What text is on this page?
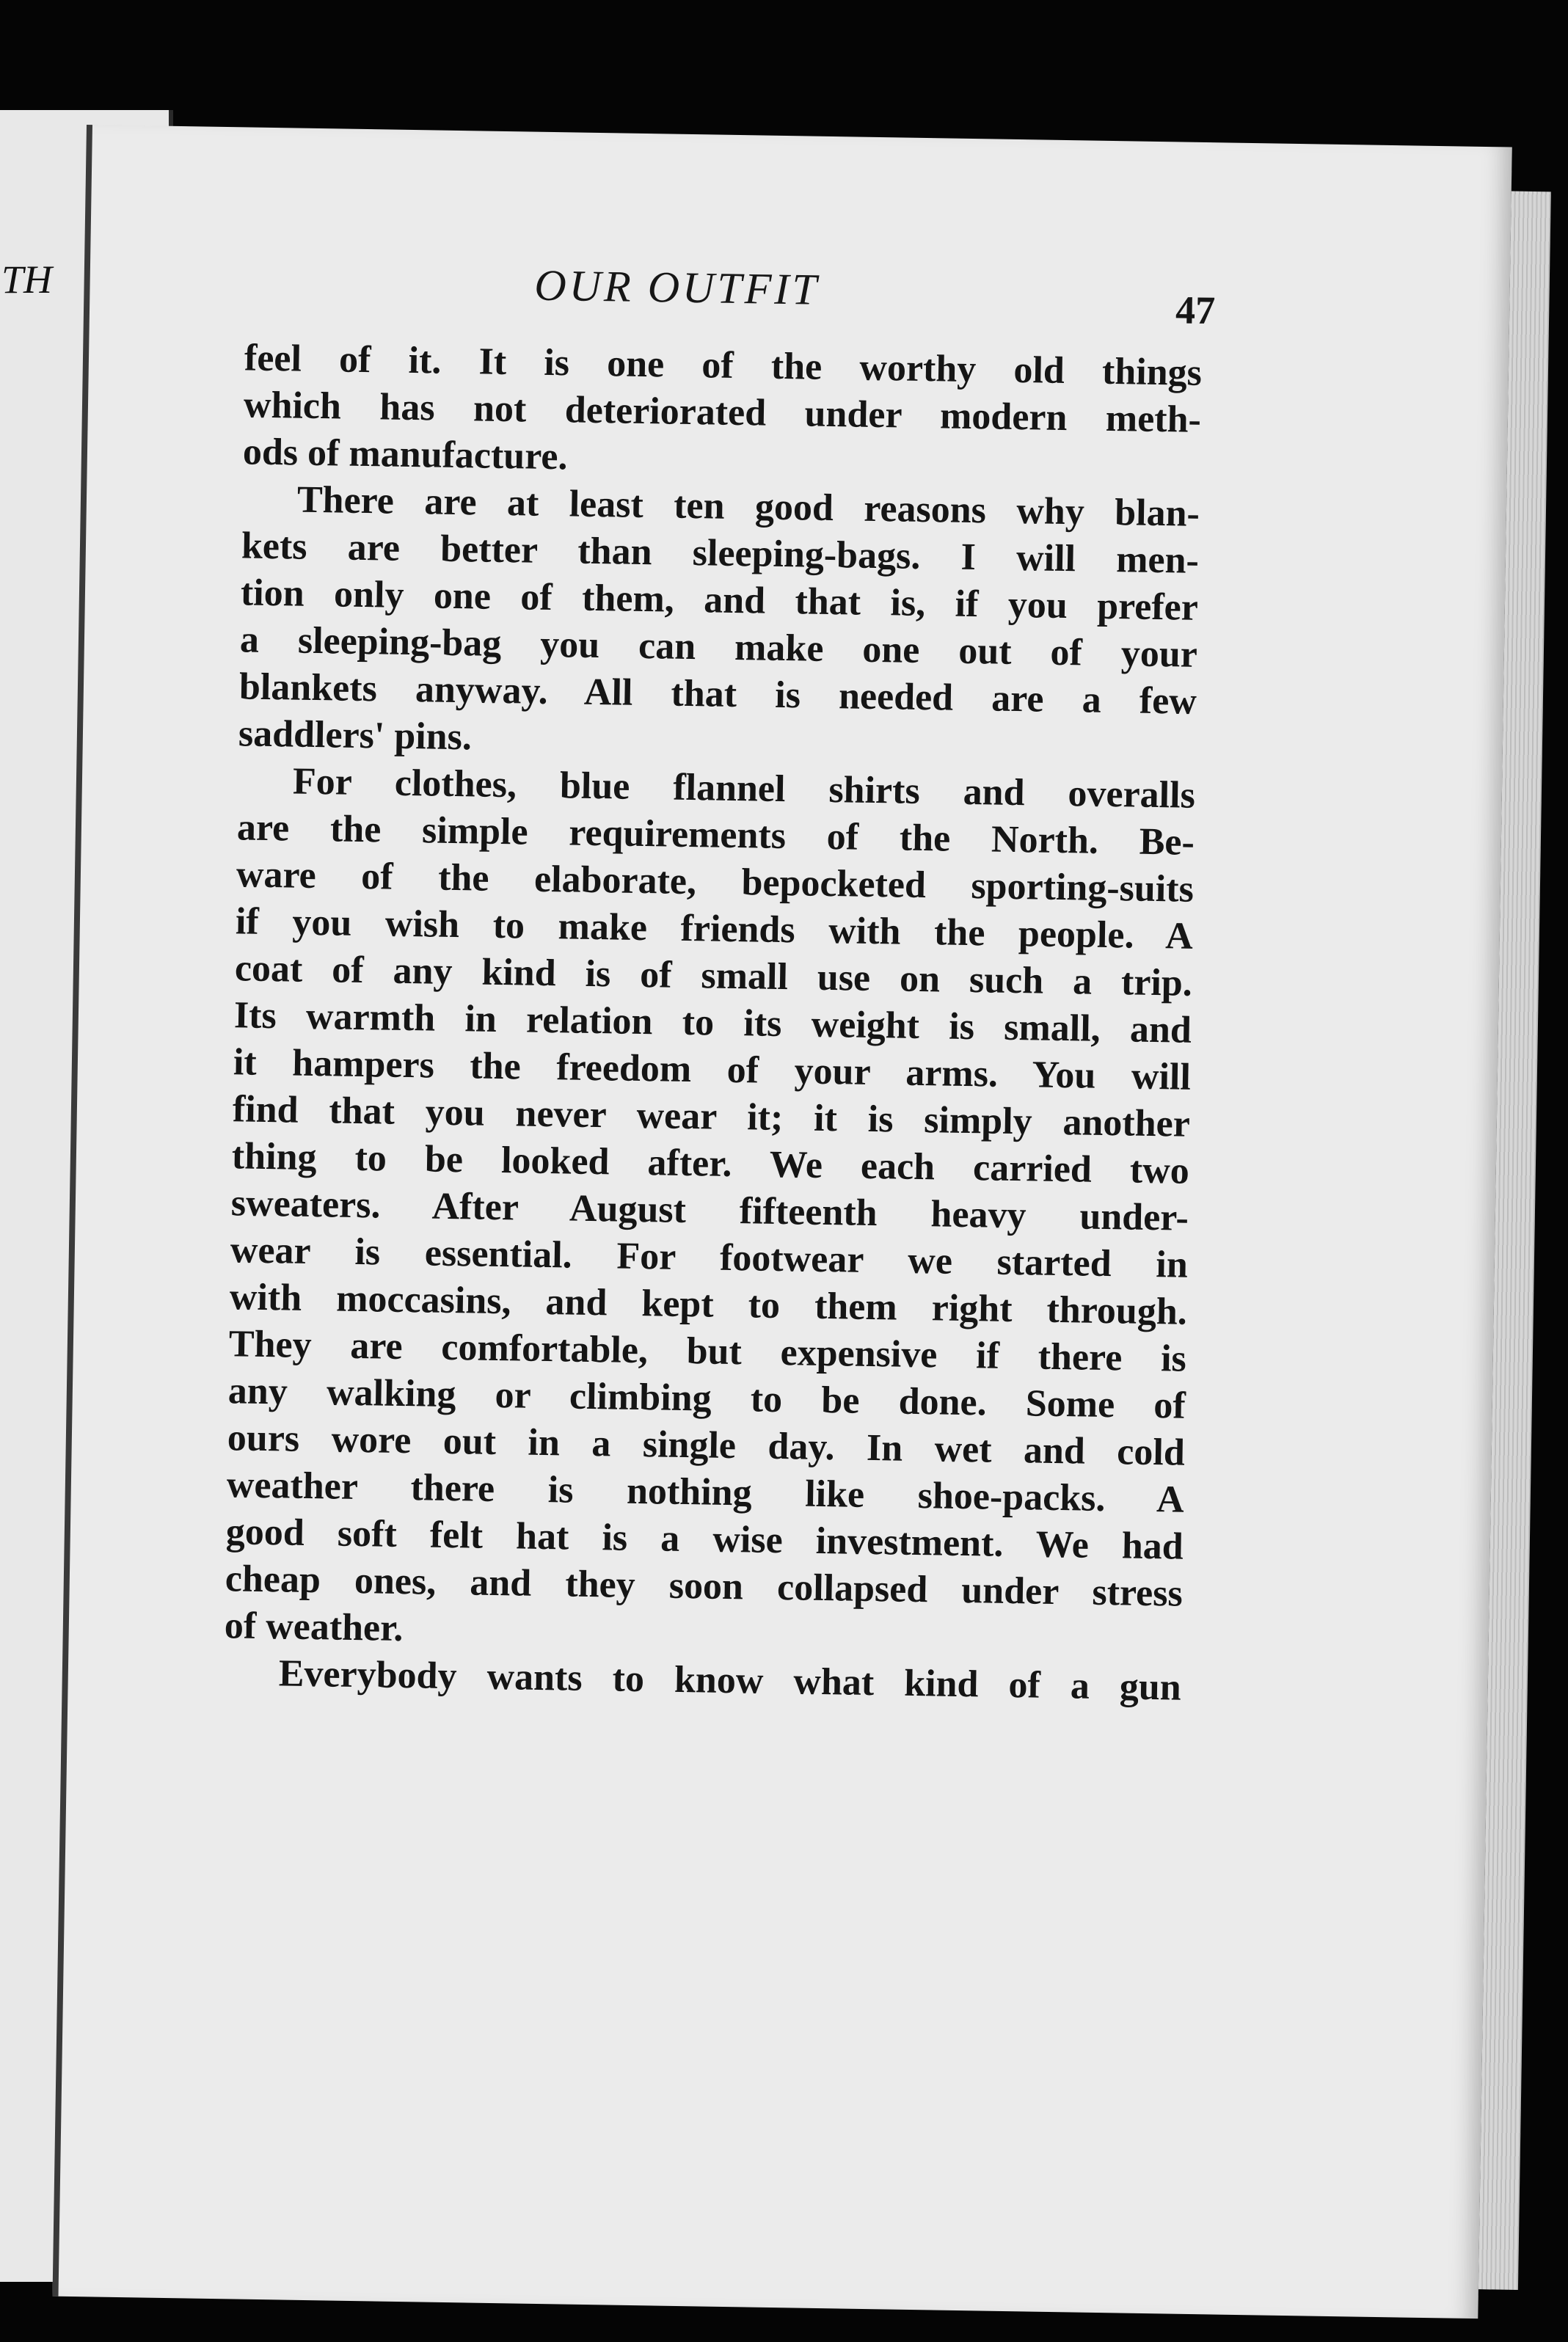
TH	OUR OUTFIT	47
feel of it. It is one of the worthy old things
which has not deteriorated under modern meth-
ods of manufacture.
There are at least ten good reasons why blan-
kets are better than sleeping-bags. I will men-
tion only one of them, and that is, if you prefer
a sleeping-bag you can make one out of your
blankets anyway. All that is needed are a few
saddlers' pins.
For clothes, blue flannel shirts and overalls
are the simple requirements of the North. Be-
ware of the elaborate, bepocketed sporting-suits
if you wish to make friends with the people. A
coat of any kind is of small use on such a trip.
Its warmth in relation to its weight is small, and
it hampers the freedom of your arms. You will
find that you never wear it; it is simply another
thing to be looked after. We each carried two
sweaters. After August fifteenth heavy under-
wear is essential. For footwear we started in
with moccasins, and kept to them right through.
They are comfortable, but expensive if there is
any walking or climbing to be done. Some of
ours wore out in a single day. In wet and cold
weather there is nothing like shoe-packs. A
good soft felt hat is a wise investment. We had
cheap ones, and they soon collapsed under stress
of weather.
Everybody wants to know what kind of a gun
